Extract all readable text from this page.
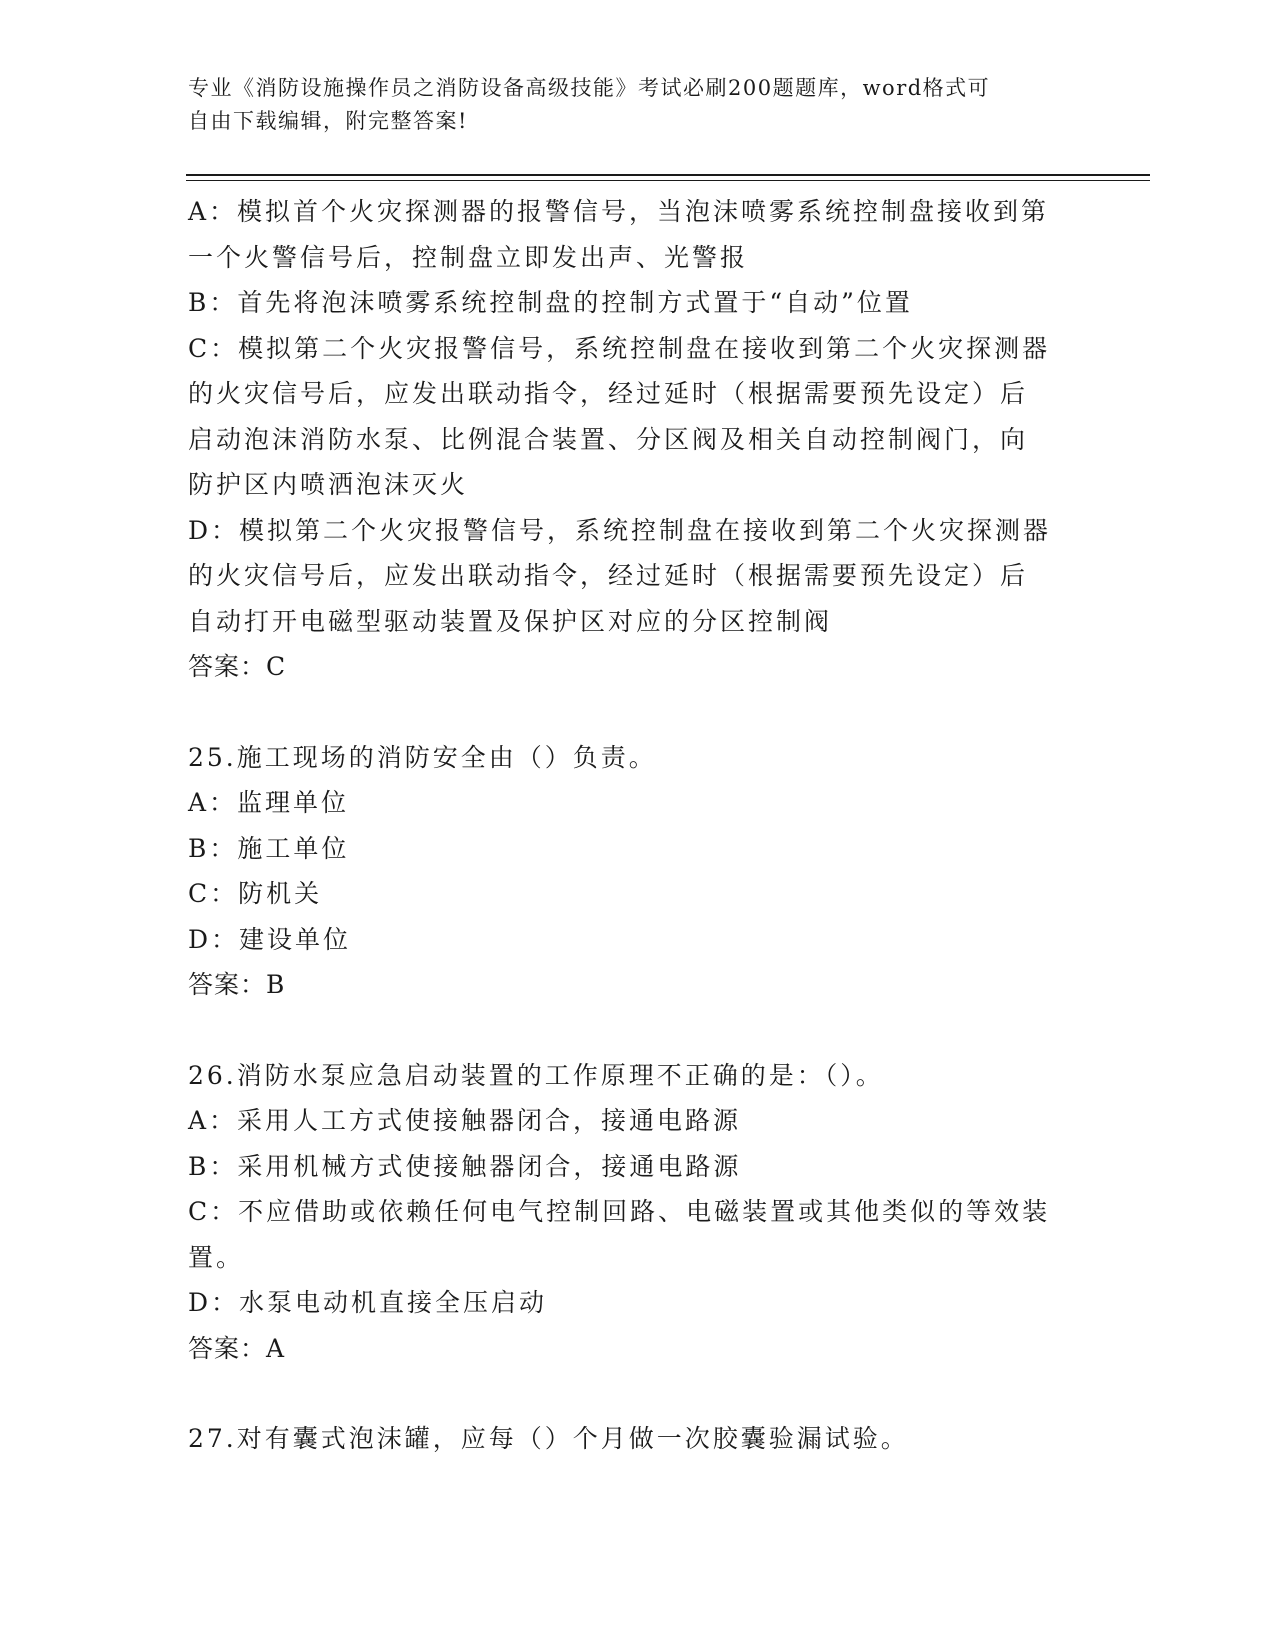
专业《消防设施操作员之消防设备高级技能》考试必刷200题题库，word格式可
自由下载编辑，附完整答案!
A：模拟首个火灾探测器的报警信号，当泡沫喷雾系统控制盘接收到第
一个火警信号后，控制盘立即发出声、光警报
B：首先将泡沫喷雾系统控制盘的控制方式置于“自动”位置
C：模拟第二个火灾报警信号，系统控制盘在接收到第二个火灾探测器
的火灾信号后，应发出联动指令，经过延时（根据需要预先设定）后
启动泡沫消防水泵、比例混合装置、分区阀及相关自动控制阀门，向
防护区内喷洒泡沫灭火
D：模拟第二个火灾报警信号，系统控制盘在接收到第二个火灾探测器
的火灾信号后，应发出联动指令，经过延时（根据需要预先设定）后
自动打开电磁型驱动装置及保护区对应的分区控制阀
答案：C
25.施工现场的消防安全由（）负责。
A：监理单位
B：施工单位
C：防机关
D：建设单位
答案：B
26.消防水泵应急启动装置的工作原理不正确的是：（）。
A：采用人工方式使接触器闭合，接通电路源
B：采用机械方式使接触器闭合，接通电路源
C：不应借助或依赖任何电气控制回路、电磁装置或其他类似的等效装
置。
D：水泵电动机直接全压启动
答案：A
27.对有囊式泡沫罐，应每（）个月做一次胶囊验漏试验。
